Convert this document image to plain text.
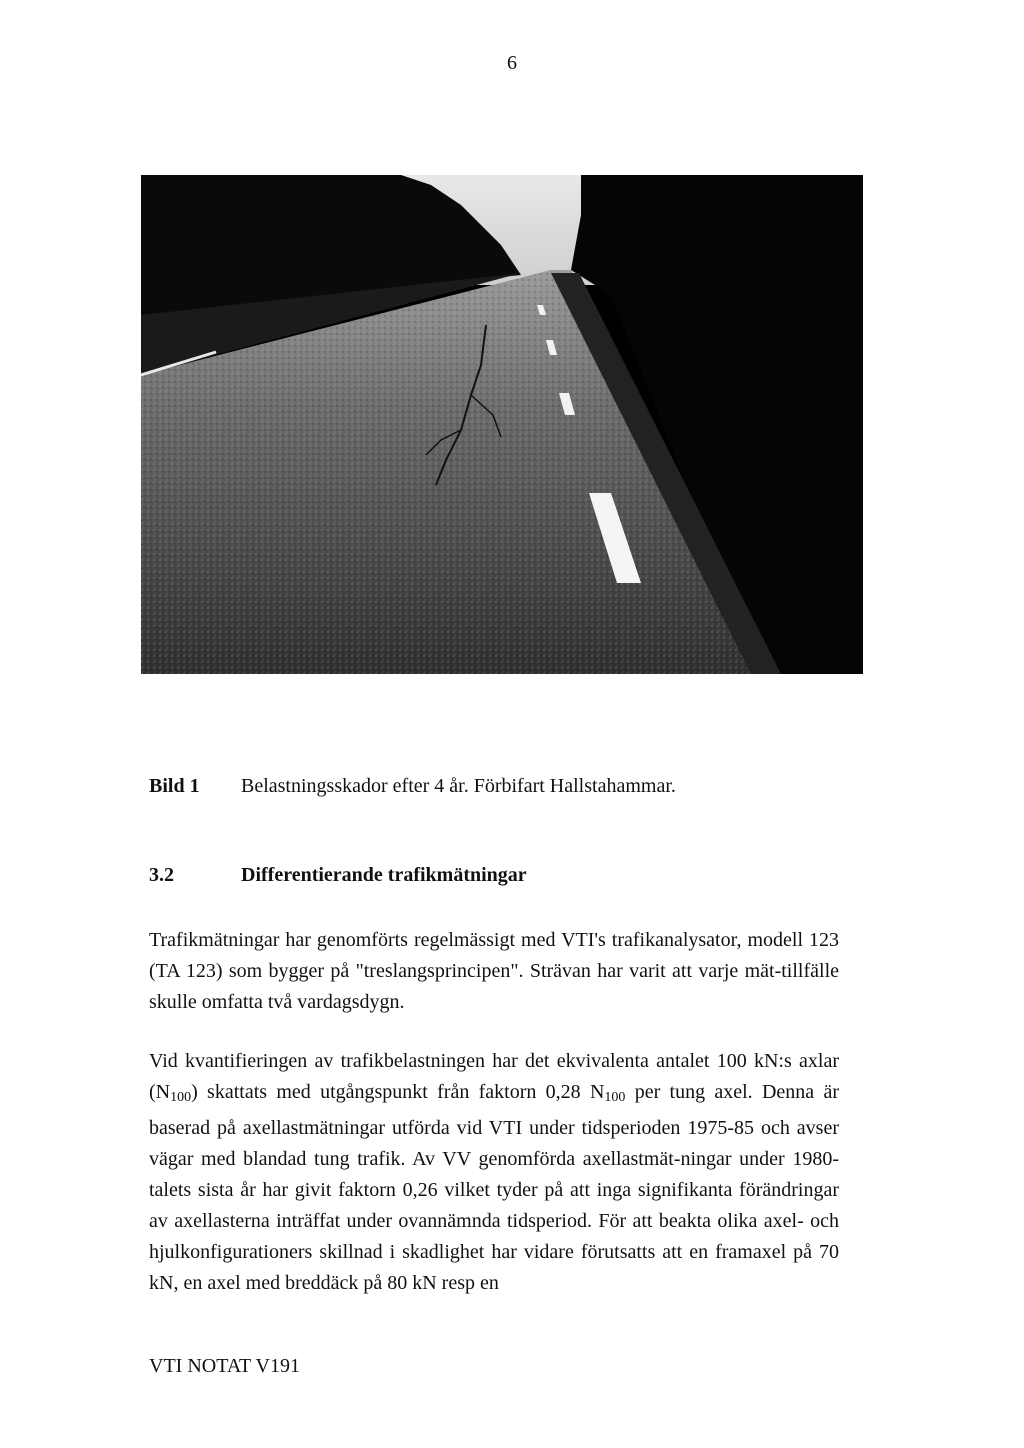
6
Bild 1 Belastningsskador efter 4 år. Förbifart Hallstahammar.
3.2	Differentierande trafikmätningar
Trafikmätningar har genomförts regelmässigt med VTI's trafikanalysator, modell 123 (TA 123) som bygger på "treslangsprincipen". Strävan har varit att varje mät-tillfälle skulle omfatta två vardagsdygn.
Vid kvantifieringen av trafikbelastningen har det ekvivalenta antalet 100 kN:s axlar $(N_{100})$ skattats med utgångspunkt från faktorn 0,28 $N_{100}$ per tung axel. Denna är baserad på axellastmätningar utförda vid VTI under tidsperioden 1975-85 och avser vägar med blandad tung trafik. Av VV genomförda axellastmät-ningar under 1980-talets sista år har givit faktorn 0,26 vilket tyder på att inga signifikanta förändringar av axellasterna inträffat under ovannämnda tidsperiod. För att beakta olika axel- och hjulkonfigurationers skillnad i skadlighet har vidare förutsatts att en framaxel på 70 kN, en axel med breddäck på 80 kN resp en
VTI NOTAT V191
